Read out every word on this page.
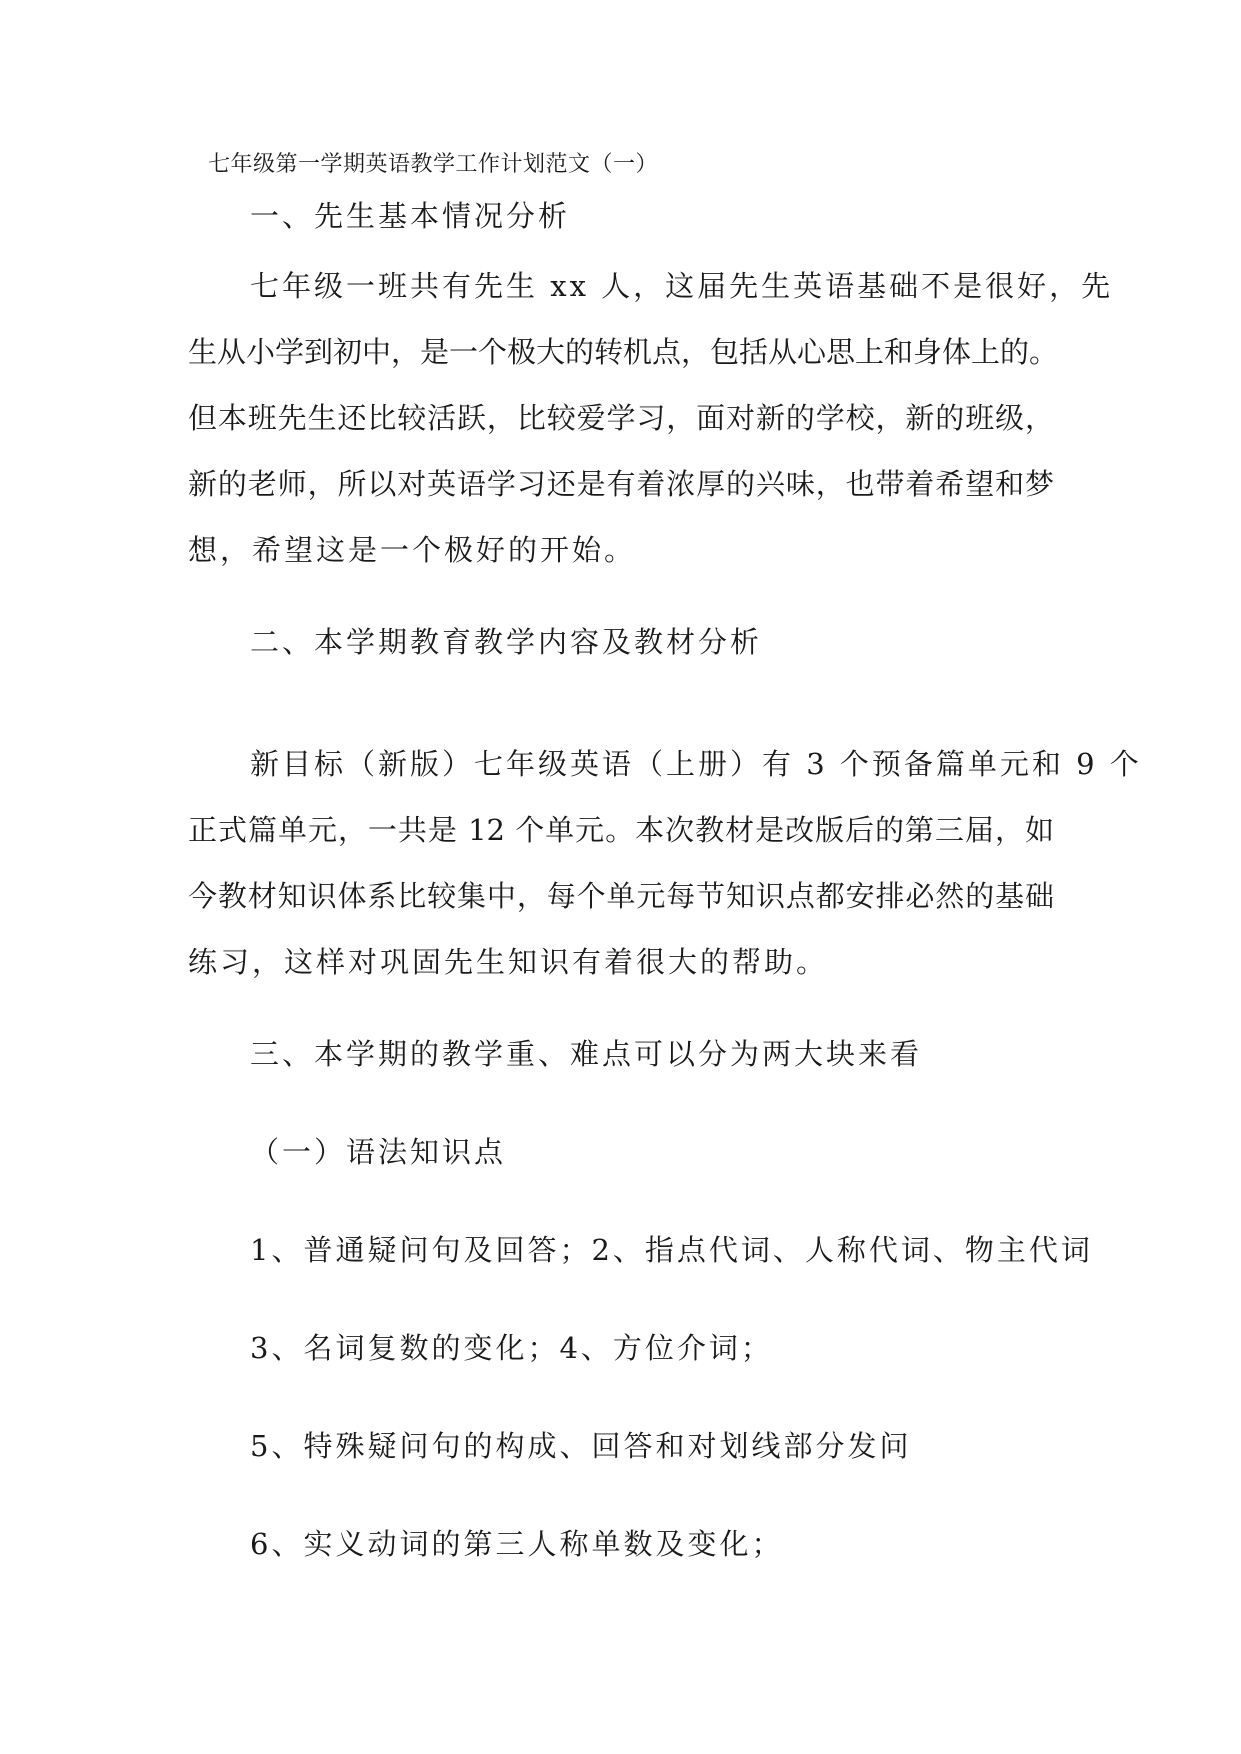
七年级第一学期英语教学工作计划范文（一）
一、先生基本情况分析
七年级一班共有先生 xx 人，这届先生英语基础不是很好，先
生从小学到初中，是一个极大的转机点，包括从心思上和身体上的。
但本班先生还比较活跃，比较爱学习，面对新的学校，新的班级，
新的老师，所以对英语学习还是有着浓厚的兴味，也带着希望和梦
想，希望这是一个极好的开始。
二、本学期教育教学内容及教材分析
新目标（新版）七年级英语（上册）有 3 个预备篇单元和 9 个
正式篇单元，一共是 12 个单元。本次教材是改版后的第三届，如
今教材知识体系比较集中，每个单元每节知识点都安排必然的基础
练习，这样对巩固先生知识有着很大的帮助。
三、本学期的教学重、难点可以分为两大块来看
（一）语法知识点
1、普通疑问句及回答；2、指点代词、人称代词、物主代词
3、名词复数的变化；4、方位介词；
5、特殊疑问句的构成、回答和对划线部分发问
6、实义动词的第三人称单数及变化；
